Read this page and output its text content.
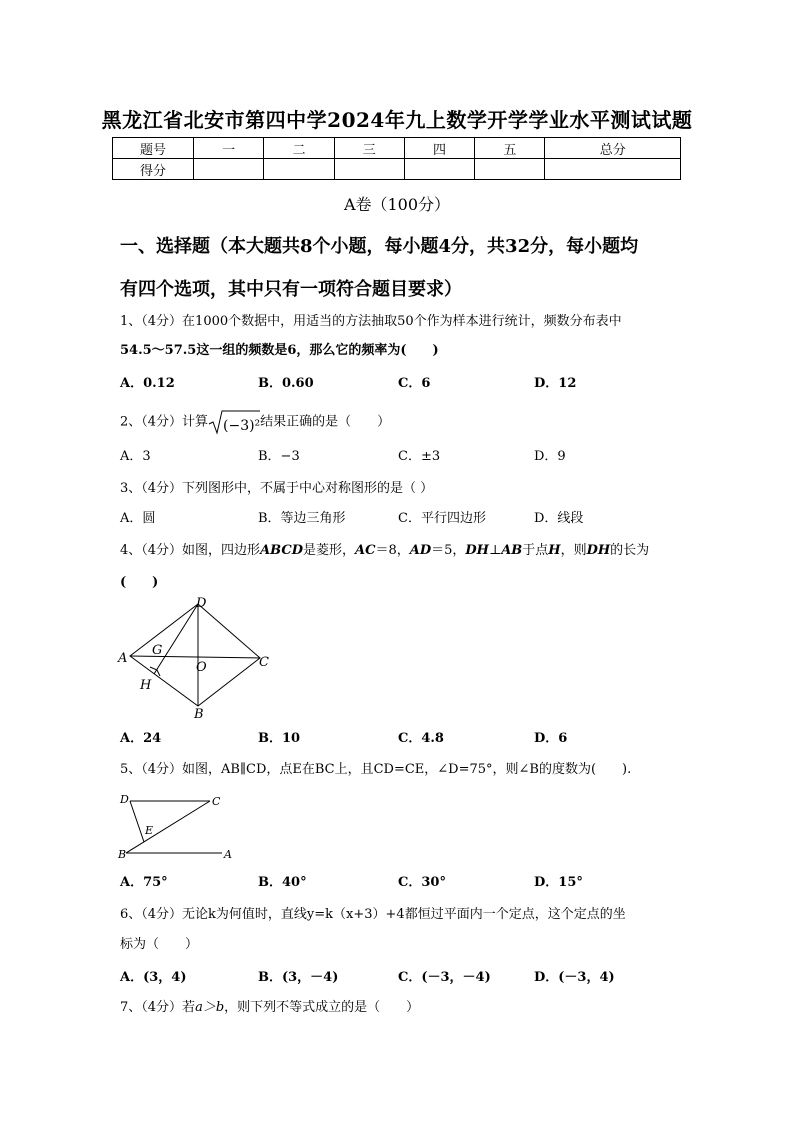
黑龙江省北安市第四中学2024年九上数学开学学业水平测试试题
题号	一	二	三	四	五	总分
得分						
A卷（100分）
一、选择题（本大题共8个小题，每小题4分，共32分，每小题均
有四个选项，其中只有一项符合题目要求）
1、（4分）在1000个数据中，用适当的方法抽取50个作为样本进行统计，频数分布表中
54.5～57.5这一组的频数是6，那么它的频率为(　　)
A．0.12	B．0.60	C．6	D．12
2、（4分）计算 (−3)² 结果正确的是（　　）
A．3	B．−3	C．±3	D．9
3、（4分）下列图形中，不属于中心对称图形的是（ ）
A．圆	B．等边三角形	C．平行四边形	D．线段
4、（4分）如图，四边形ABCD是菱形，AC＝8，AD＝5，DH⊥AB于点H，则DH的长为
(　　)
D
A
G
O	C
H
B
A．24	B．10	C．4.8	D．6
5、（4分）如图，AB∥CD，点E在BC上，且CD=CE，∠D=75°，则∠B的度数为(　　).
D	C
E
B	A
A．75°	B．40°	C．30°	D．15°
6、（4分）无论k为何值时，直线y=k（x+3）+4都恒过平面内一个定点，这个定点的坐
标为（　　）
A．(3，4)	B．(3，－4)	C．(－3，－4)	D．(－3，4)
7、（4分）若a＞b，则下列不等式成立的是（　　）
